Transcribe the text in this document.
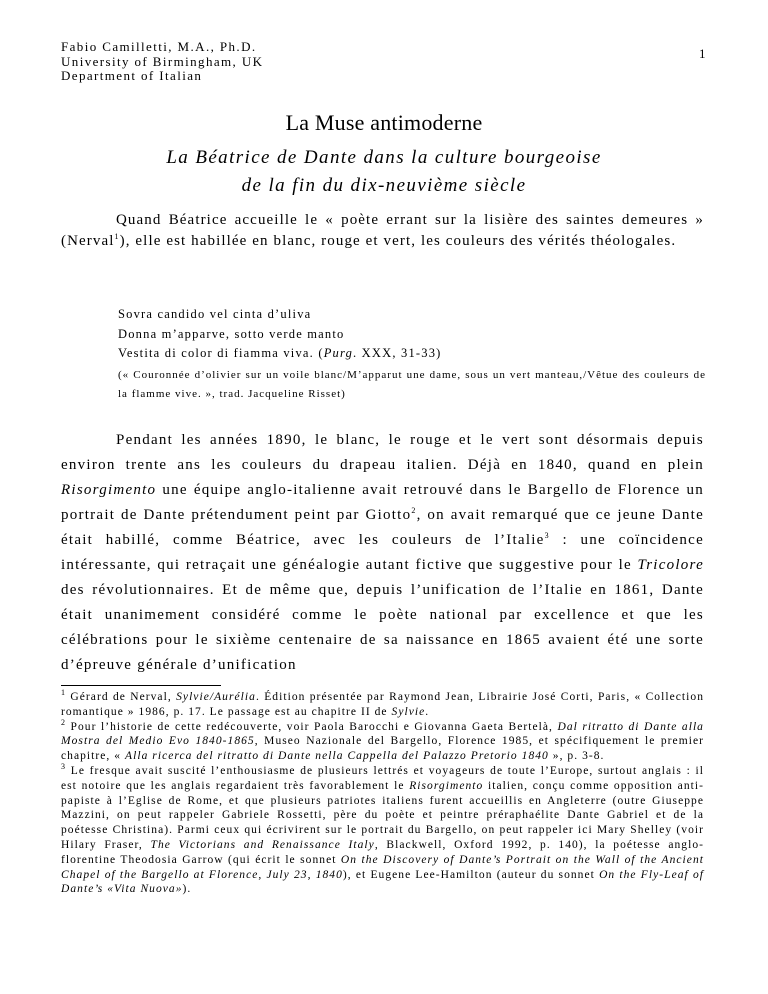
Fabio Camilletti, M.A., Ph.D.
University of Birmingham, UK
Department of Italian
1
La Muse antimoderne
La Béatrice de Dante dans la culture bourgeoise
de la fin du dix-neuvième siècle
Quand Béatrice accueille le « poète errant sur la lisière des saintes demeures » (Nerval$^1$), elle est habillée en blanc, rouge et vert, les couleurs des vérités théologales.
Sovra candido vel cinta d’uliva
Donna m’apparve, sotto verde manto
Vestita di color di fiamma viva. (Purg. XXX, 31-33)
(« Couronnée d’olivier sur un voile blanc/M’apparut une dame, sous un vert manteau,/Vêtue des couleurs de la flamme vive. », trad. Jacqueline Risset)
Pendant les années 1890, le blanc, le rouge et le vert sont désormais depuis environ trente ans les couleurs du drapeau italien. Déjà en 1840, quand en plein Risorgimento une équipe anglo-italienne avait retrouvé dans le Bargello de Florence un portrait de Dante prétendument peint par Giotto$^2$, on avait remarqué que ce jeune Dante était habillé, comme Béatrice, avec les couleurs de l’Italie$^3$ : une coïncidence intéressante, qui retraçait une généalogie autant fictive que suggestive pour le Tricolore des révolutionnaires. Et de même que, depuis l’unification de l’Italie en 1861, Dante était unanimement considéré comme le poète national par excellence et que les célébrations pour le sixième centenaire de sa naissance en 1865 avaient été une sorte d’épreuve générale d’unification

$^1$ Gérard de Nerval, Sylvie/Aurélia. Édition présentée par Raymond Jean, Librairie José Corti, Paris, « Collection romantique » 1986, p. 17. Le passage est au chapitre II de Sylvie.

$^2$ Pour l’historie de cette redécouverte, voir Paola Barocchi e Giovanna Gaeta Bertelà, Dal ritratto di Dante alla Mostra del Medio Evo 1840-1865, Museo Nazionale del Bargello, Florence 1985, et spécifiquement le premier chapitre, « Alla ricerca del ritratto di Dante nella Cappella del Palazzo Pretorio 1840 », p. 3-8.

$^3$ Le fresque avait suscité l’enthousiasme de plusieurs lettrés et voyageurs de toute l’Europe, surtout anglais : il est notoire que les anglais regardaient très favorablement le Risorgimento italien, conçu comme opposition anti-papiste à l’Eglise de Rome, et que plusieurs patriotes italiens furent accueillis en Angleterre (outre Giuseppe Mazzini, on peut rappeler Gabriele Rossetti, père du poète et peintre préraphaélite Dante Gabriel et de la poétesse Christina). Parmi ceux qui écrivirent sur le portrait du Bargello, on peut rappeler ici Mary Shelley (voir Hilary Fraser, The Victorians and Renaissance Italy, Blackwell, Oxford 1992, p. 140), la poétesse anglo-florentine Theodosia Garrow (qui écrit le sonnet On the Discovery of Dante’s Portrait on the Wall of the Ancient Chapel of the Bargello at Florence, July 23, 1840), et Eugene Lee-Hamilton (auteur du sonnet On the Fly-Leaf of Dante’s «Vita Nuova»).
